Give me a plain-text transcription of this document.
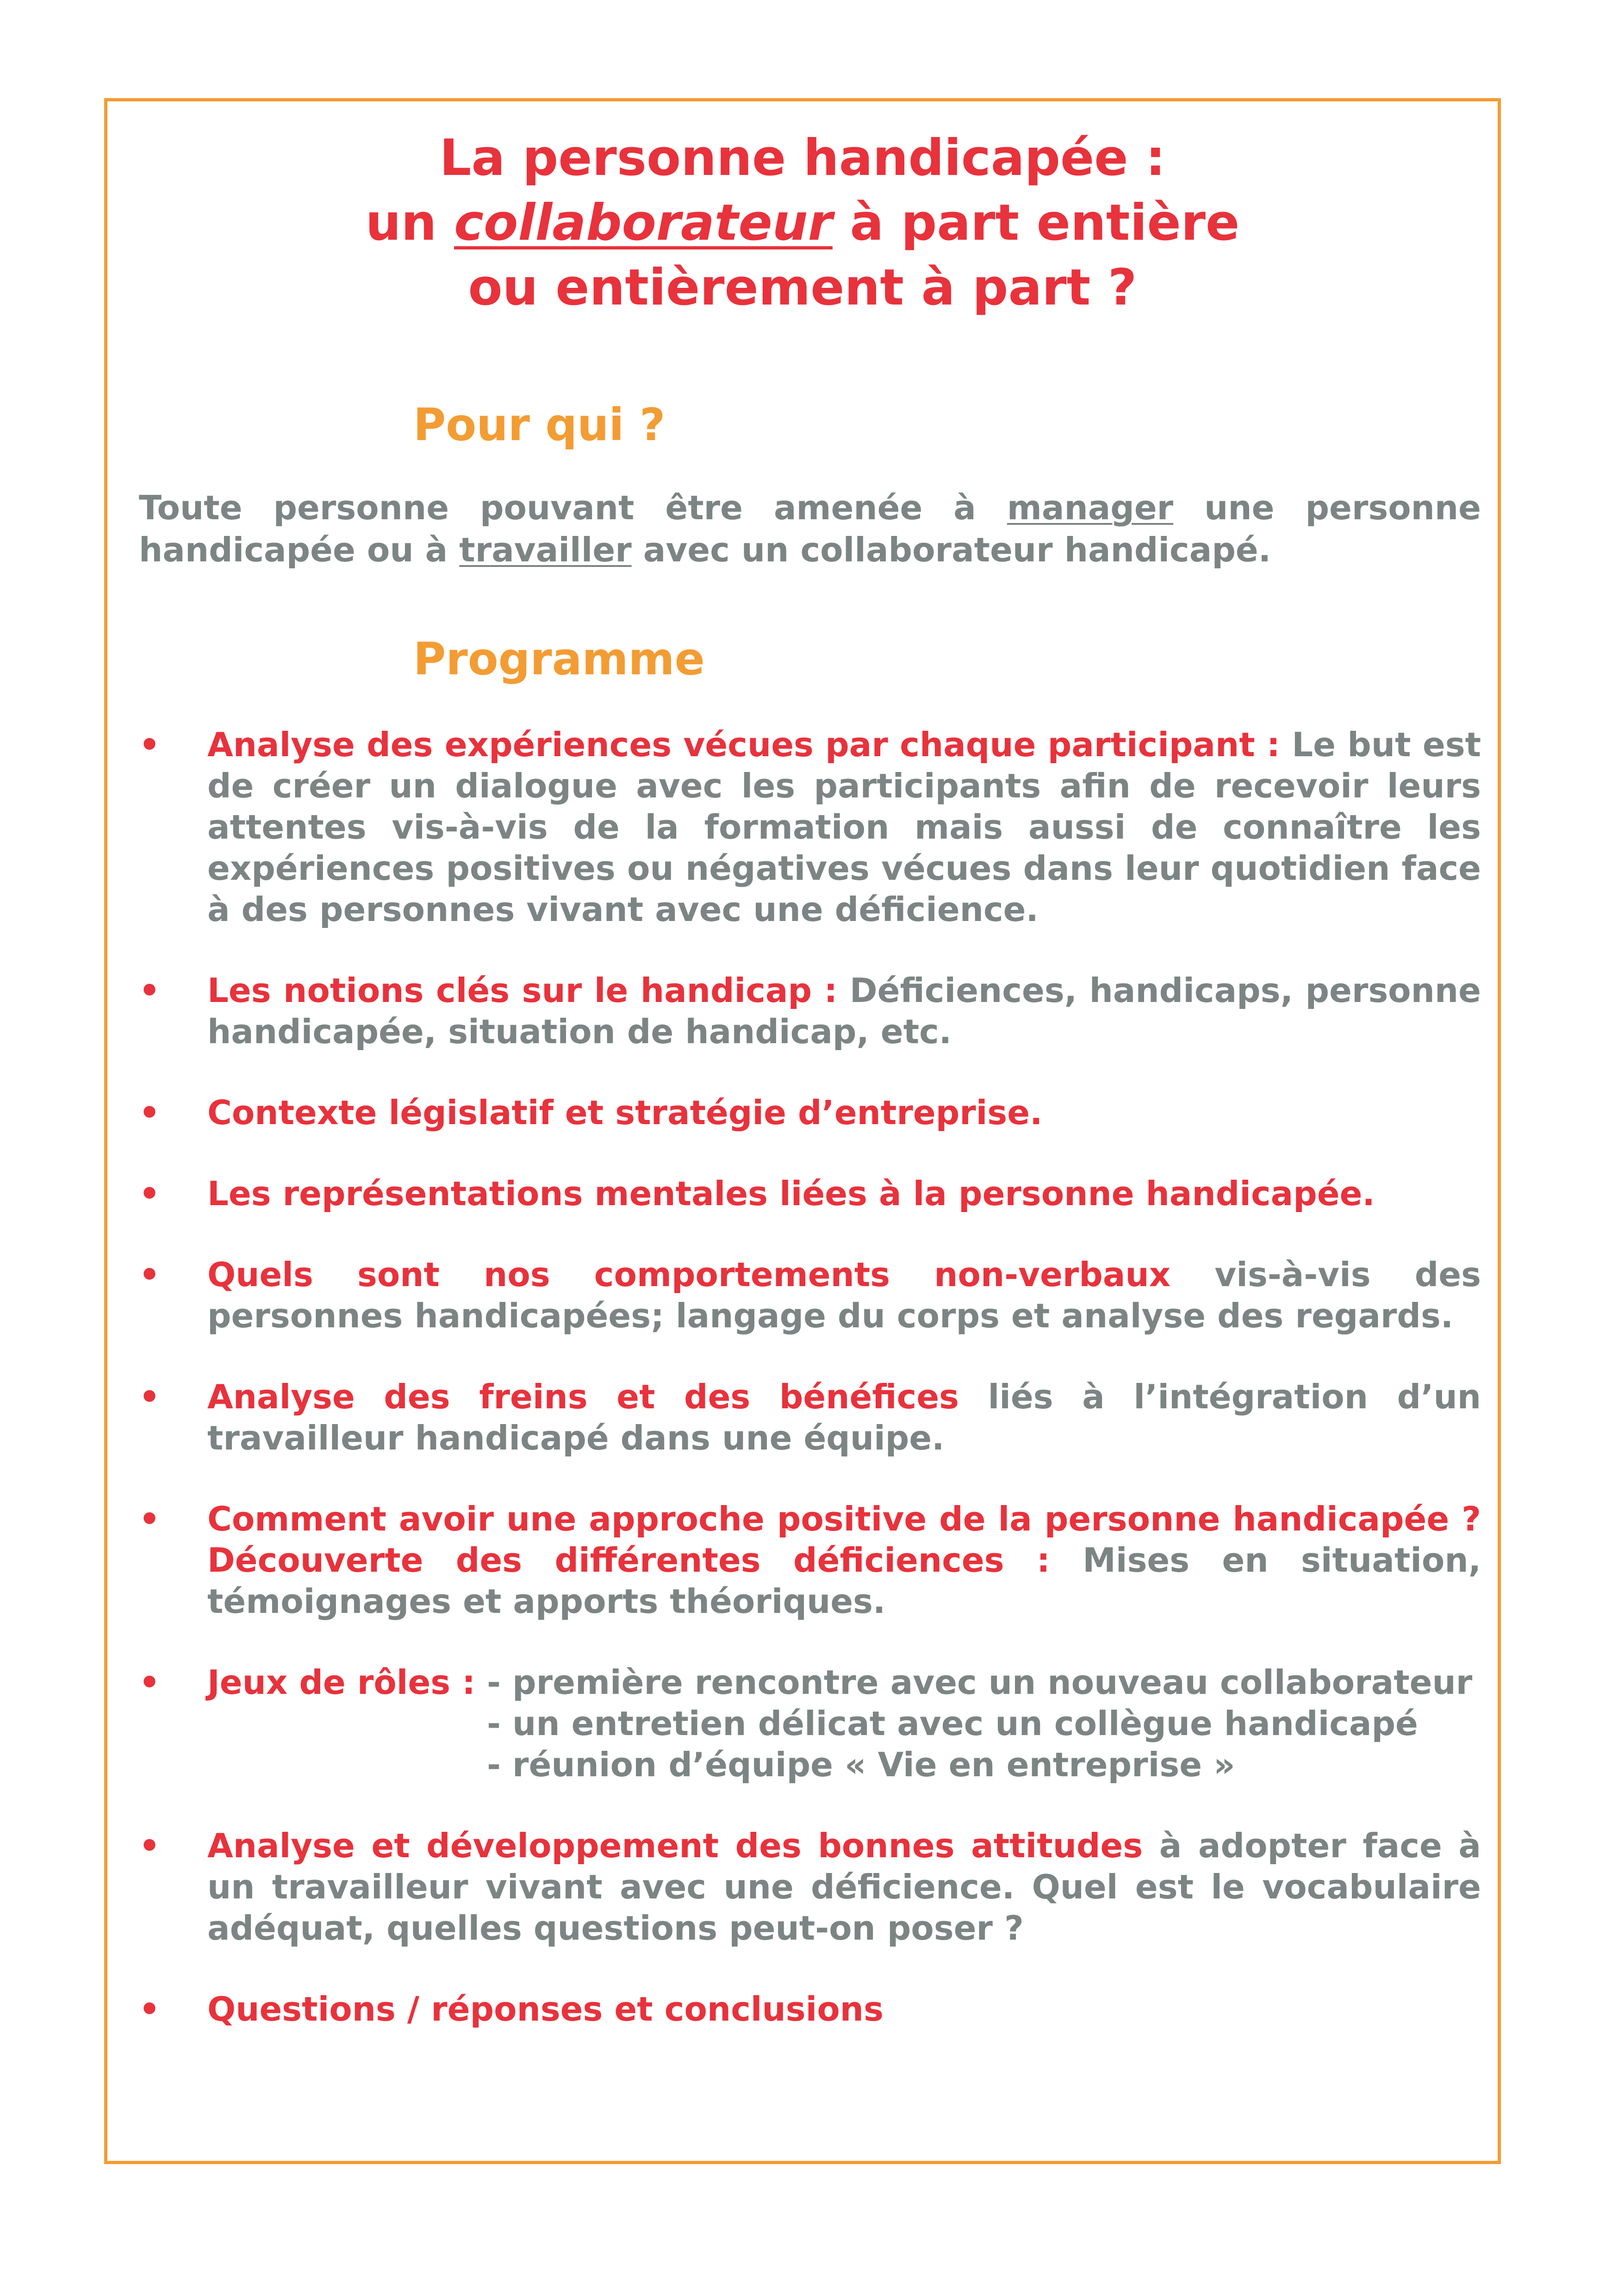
La personne handicapée :
un collaborateur à part entière
ou entièrement à part ?
Pour qui ?
Toute personne pouvant être amenée à manager une personne handicapée ou à travailler avec un collaborateur handicapé.
Programme
• Analyse des expériences vécues par chaque participant : Le but est de créer un dialogue avec les participants afin de recevoir leurs attentes vis-à-vis de la formation mais aussi de connaître les expériences positives ou négatives vécues dans leur quotidien face à des personnes vivant avec une déficience.
• Les notions clés sur le handicap : Déficiences, handicaps, personne handicapée, situation de handicap, etc.
• Contexte législatif et stratégie d’entreprise.
• Les représentations mentales liées à la personne handicapée.
• Quels sont nos comportements non-verbaux vis-à-vis des personnes handicapées; langage du corps et analyse des regards.
• Analyse des freins et des bénéfices liés à l’intégration d’un travailleur handicapé dans une équipe.
• Comment avoir une approche positive de la personne handicapée ? Découverte des différentes déficiences : Mises en situation, témoignages et apports théoriques.
• Jeux de rôles :
- première rencontre avec un nouveau collaborateur
- un entretien délicat avec un collègue handicapé
- réunion d’équipe « Vie en entreprise »
• Analyse et développement des bonnes attitudes à adopter face à un travailleur vivant avec une déficience. Quel est le vocabulaire adéquat, quelles questions peut-on poser ?
• Questions / réponses et conclusions
